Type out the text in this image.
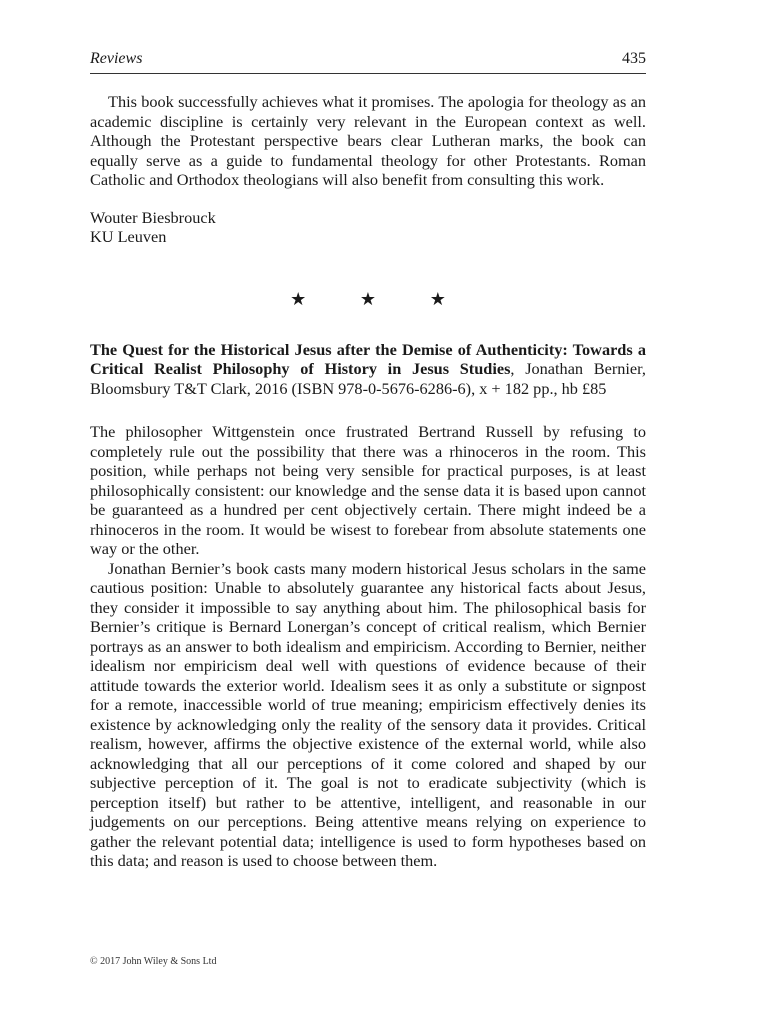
Reviews	435

This book successfully achieves what it promises. The apologia for theology as an academic discipline is certainly very relevant in the European context as well. Although the Protestant perspective bears clear Lutheran marks, the book can equally serve as a guide to fundamental theology for other Protestants. Roman Catholic and Orthodox theologians will also benefit from consulting this work.

Wouter Biesbrouck
KU Leuven
★ ★ ★
The Quest for the Historical Jesus after the Demise of Authenticity: Towards a Critical Realist Philosophy of History in Jesus Studies, Jonathan Bernier, Bloomsbury T&T Clark, 2016 (ISBN 978-0-5676-6286-6), x + 182 pp., hb £85

The philosopher Wittgenstein once frustrated Bertrand Russell by refusing to completely rule out the possibility that there was a rhinoceros in the room. This position, while perhaps not being very sensible for practical purposes, is at least philosophically consistent: our knowledge and the sense data it is based upon cannot be guaranteed as a hundred per cent objectively certain. There might indeed be a rhinoceros in the room. It would be wisest to forebear from absolute statements one way or the other.

Jonathan Bernier’s book casts many modern historical Jesus scholars in the same cautious position: Unable to absolutely guarantee any historical facts about Jesus, they consider it impossible to say anything about him. The philosophical basis for Bernier’s critique is Bernard Lonergan’s concept of critical realism, which Bernier portrays as an answer to both idealism and empiricism. According to Bernier, neither idealism nor empiricism deal well with questions of evidence because of their attitude towards the exterior world. Idealism sees it as only a substitute or signpost for a remote, inaccessible world of true meaning; empiricism effectively denies its existence by acknowledging only the reality of the sensory data it provides. Critical realism, however, affirms the objective existence of the external world, while also acknowledging that all our perceptions of it come colored and shaped by our subjective perception of it. The goal is not to eradicate subjectivity (which is perception itself) but rather to be attentive, intelligent, and reasonable in our judgements on our perceptions. Being attentive means relying on experience to gather the relevant potential data; intelligence is used to form hypotheses based on this data; and reason is used to choose between them.

© 2017 John Wiley & Sons Ltd
